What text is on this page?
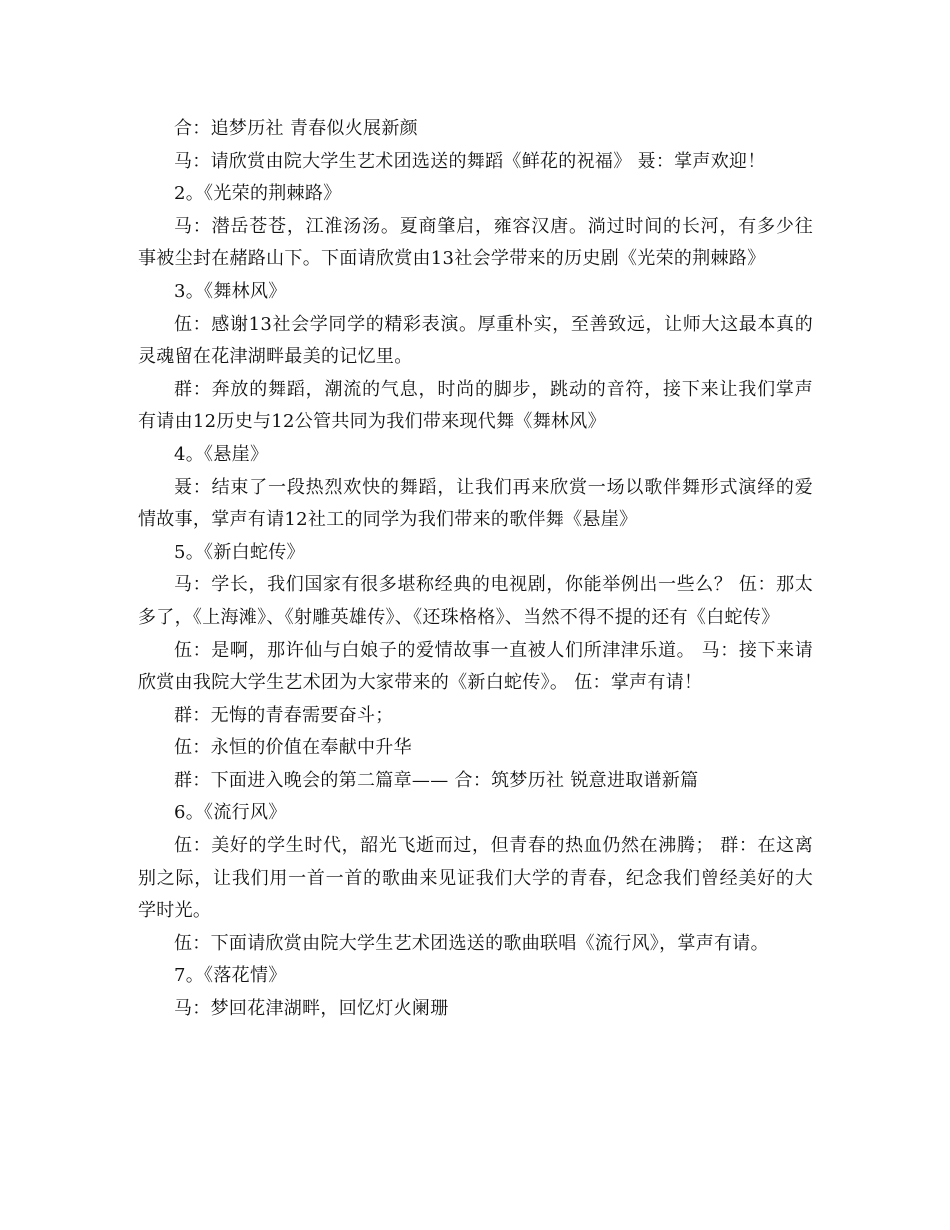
合：追梦历社 青春似火展新颜

马：请欣赏由院大学生艺术团选送的舞蹈《鲜花的祝福》 聂：掌声欢迎！

2。《光荣的荆棘路》

马：潜岳苍苍，江淮汤汤。夏商肇启，雍容汉唐。淌过时间的长河，有多少往事被尘封在赭路山下。下面请欣赏由13社会学带来的历史剧《光荣的荆棘路》

3。《舞林风》

伍：感谢13社会学同学的精彩表演。厚重朴实，至善致远，让师大这最本真的灵魂留在花津湖畔最美的记忆里。

群：奔放的舞蹈，潮流的气息，时尚的脚步，跳动的音符，接下来让我们掌声有请由12历史与12公管共同为我们带来现代舞《舞林风》

4。《悬崖》

聂：结束了一段热烈欢快的舞蹈，让我们再来欣赏一场以歌伴舞形式演绎的爱情故事，掌声有请12社工的同学为我们带来的歌伴舞《悬崖》

5。《新白蛇传》

马：学长，我们国家有很多堪称经典的电视剧，你能举例出一些么？ 伍：那太多了，《上海滩》、《射雕英雄传》、《还珠格格》、当然不得不提的还有《白蛇传》

伍：是啊，那许仙与白娘子的爱情故事一直被人们所津津乐道。 马：接下来请欣赏由我院大学生艺术团为大家带来的《新白蛇传》。 伍：掌声有请！

群：无悔的青春需要奋斗；

伍：永恒的价值在奉献中升华

群：下面进入晚会的第二篇章—— 合：筑梦历社 锐意进取谱新篇

6。《流行风》

伍：美好的学生时代，韶光飞逝而过，但青春的热血仍然在沸腾； 群：在这离别之际，让我们用一首一首的歌曲来见证我们大学的青春，纪念我们曾经美好的大学时光。

伍：下面请欣赏由院大学生艺术团选送的歌曲联唱《流行风》，掌声有请。

7。《落花情》

马：梦回花津湖畔，回忆灯火阑珊
